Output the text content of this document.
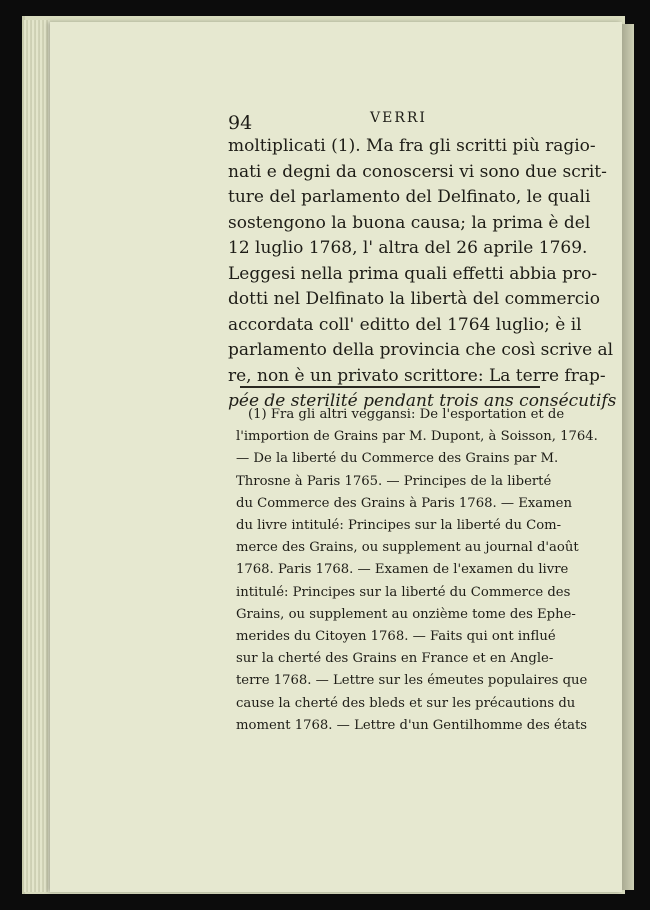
94	VERRI
moltiplicati (1). Ma fra gli scritti più ragio-
nati e degni da conoscersi vi sono due scrit-
ture del parlamento del Delfinato, le quali
sostengono la buona causa; la prima è del
12 luglio 1768, l' altra del 26 aprile 1769.
Leggesi nella prima quali effetti abbia pro-
dotti nel Delfinato la libertà del commercio
accordata coll' editto del 1764 luglio; è il
parlamento della provincia che così scrive al
re, non è un privato scrittore: La terre frap-
pée de sterilité pendant trois ans consécutifs
(1) Fra gli altri veggansi: De l'esportation et de
l'importion de Grains par M. Dupont, à Soisson, 1764.
— De la liberté du Commerce des Grains par M.
Throsne à Paris 1765. — Principes de la liberté
du Commerce des Grains à Paris 1768. — Examen
du livre intitulé: Principes sur la liberté du Com-
merce des Grains, ou supplement au journal d'août
1768. Paris 1768. — Examen de l'examen du livre
intitulé: Principes sur la liberté du Commerce des
Grains, ou supplement au onzième tome des Ephe-
merides du Citoyen 1768. — Faits qui ont influé
sur la cherté des Grains en France et en Angle-
terre 1768. — Lettre sur les émeutes populaires que
cause la cherté des bleds et sur les précautions du
moment 1768. — Lettre d'un Gentilhomme des états
